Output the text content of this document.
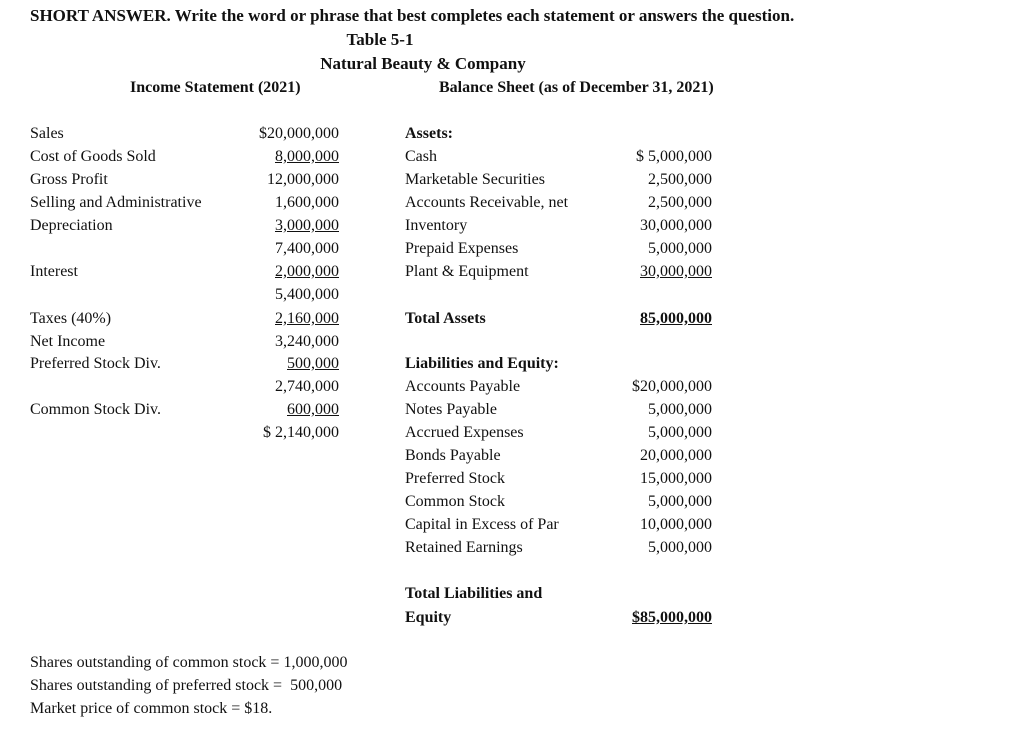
SHORT ANSWER. Write the word or phrase that best completes each statement or answers the question.
Table 5-1
Natural Beauty & Company
Income Statement (2021)	Balance Sheet (as of December 31, 2021)
Sales	$20,000,000
Cost of Goods Sold	8,000,000
Gross Profit	12,000,000
Selling and Administrative	1,600,000
Depreciation	3,000,000
7,400,000
Interest	2,000,000
5,400,000
Taxes (40%)	2,160,000
Net Income	3,240,000
Preferred Stock Div.	500,000
2,740,000
Common Stock Div.	600,000
$ 2,140,000
Assets:
Cash	$ 5,000,000
Marketable Securities	2,500,000
Accounts Receivable, net	2,500,000
Inventory	30,000,000
Prepaid Expenses	5,000,000
Plant & Equipment	30,000,000
Total Assets	85,000,000
Liabilities and Equity:
Accounts Payable	$20,000,000
Notes Payable	5,000,000
Accrued Expenses	5,000,000
Bonds Payable	20,000,000
Preferred Stock	15,000,000
Common Stock	5,000,000
Capital in Excess of Par	10,000,000
Retained Earnings	5,000,000
Total Liabilities and
Equity	$85,000,000
Shares outstanding of common stock = 1,000,000
Shares outstanding of preferred stock =  500,000
Market price of common stock = $18.
